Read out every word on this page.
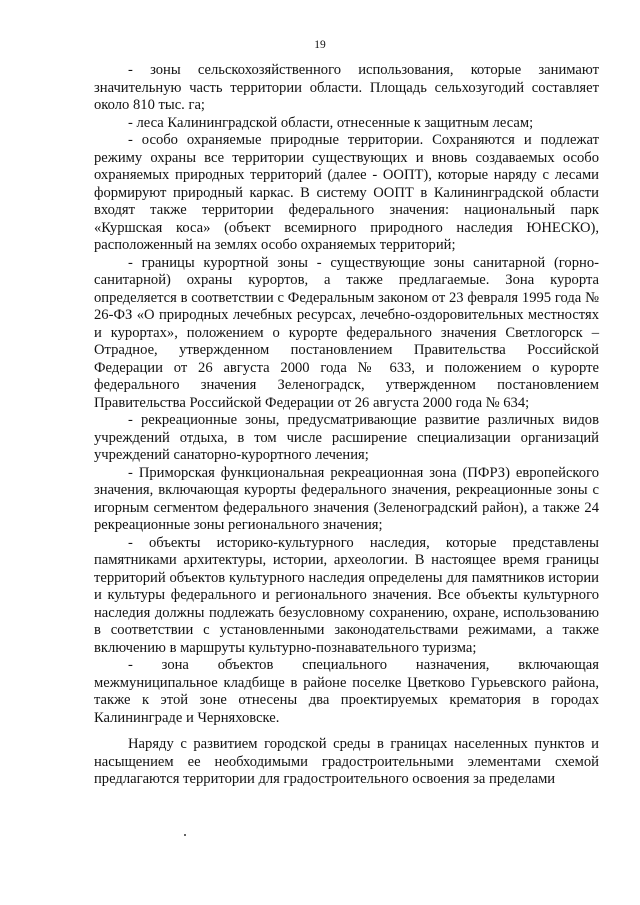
19

- зоны сельскохозяйственного использования, которые занимают значительную часть территории области. Площадь сельхозугодий составляет около 810 тыс. га;

- леса Калининградской области, отнесенные к защитным лесам;

- особо охраняемые природные территории. Сохраняются и подлежат режиму охраны все территории существующих и вновь создаваемых особо охраняемых природных территорий (далее - ООПТ), которые наряду с лесами формируют природный каркас. В систему ООПТ в Калининградской области входят также территории федерального значения: национальный парк «Куршская коса» (объект всемирного природного наследия ЮНЕСКО), расположенный на землях особо охраняемых территорий;

- границы курортной зоны - существующие зоны санитарной (горно-санитарной) охраны курортов, а также предлагаемые. Зона курорта определяется в соответствии с Федеральным законом от 23 февраля 1995 года № 26-ФЗ «О природных лечебных ресурсах, лечебно-оздоровительных местностях и курортах», положением о курорте федерального значения Светлогорск – Отрадное, утвержденном постановлением Правительства Российской Федерации от 26 августа 2000 года № 633, и положением о курорте федерального значения Зеленоградск, утвержденном постановлением Правительства Российской Федерации от 26 августа 2000 года № 634;

- рекреационные зоны, предусматривающие развитие различных видов учреждений отдыха, в том числе расширение специализации организаций учреждений санаторно-курортного лечения;

- Приморская функциональная рекреационная зона (ПФРЗ) европейского значения, включающая курорты федерального значения, рекреационные зоны с игорным сегментом федерального значения (Зеленоградский район), а также 24 рекреационные зоны регионального значения;

- объекты историко-культурного наследия, которые представлены памятниками архитектуры, истории, археологии. В настоящее время границы территорий объектов культурного наследия определены для памятников истории и культуры федерального и регионального значения. Все объекты культурного наследия должны подлежать безусловному сохранению, охране, использованию в соответствии с установленными законодательствами режимами, а также включению в маршруты культурно-познавательного туризма;

- зона объектов специального назначения, включающая межмуниципальное кладбище в районе поселке Цветково Гурьевского района, также к этой зоне отнесены два проектируемых крематория в городах Калининграде и Черняховске.

Наряду с развитием городской среды в границах населенных пунктов и насыщением ее необходимыми градостроительными элементами схемой предлагаются территории для градостроительного освоения за пределами
